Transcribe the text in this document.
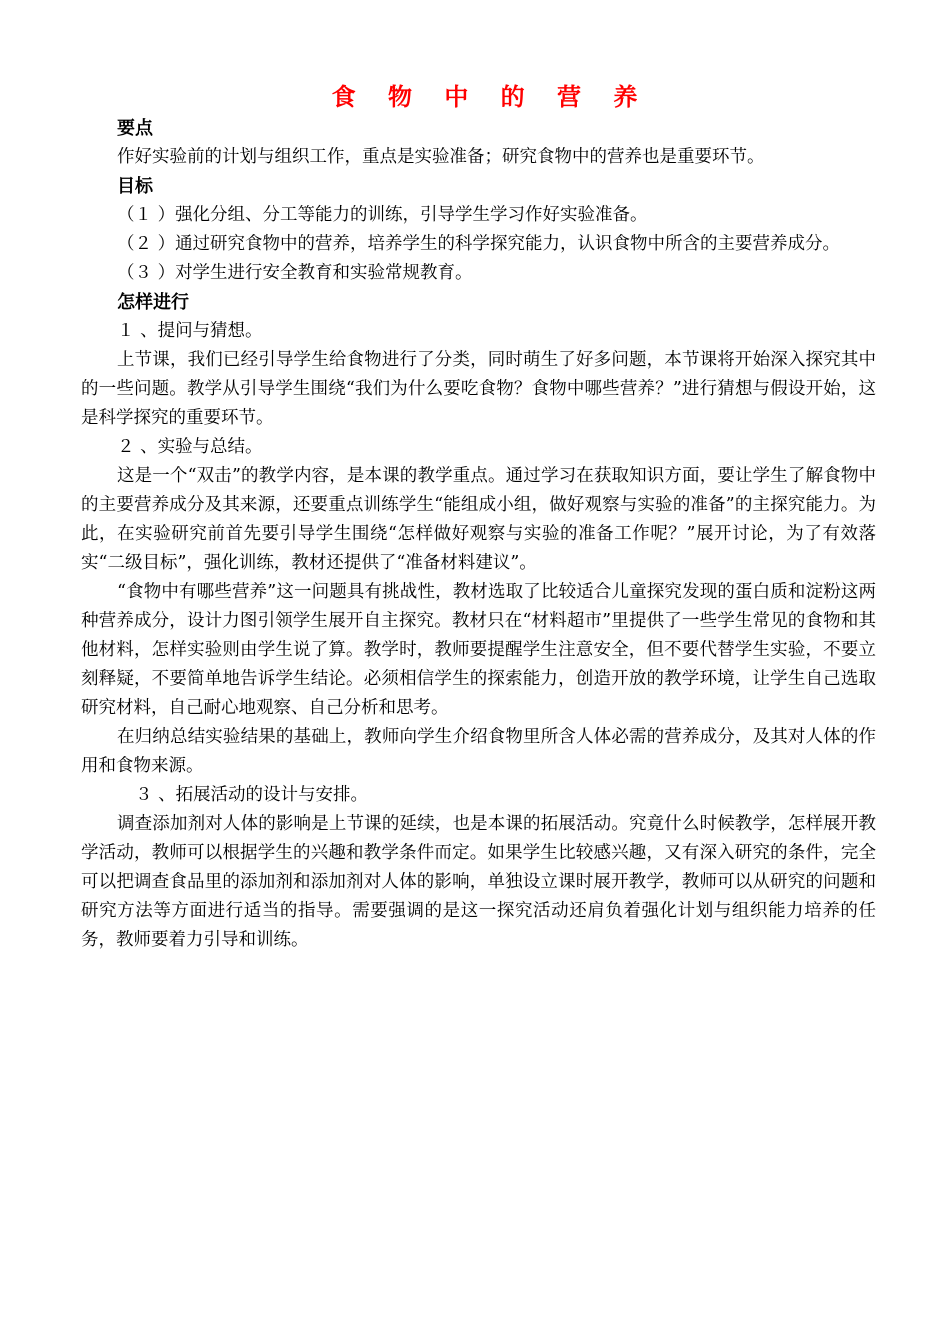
食 物 中 的 营 养
要点

作好实验前的计划与组织工作，重点是实验准备；研究食物中的营养也是重要环节。

目标

（１ ）强化分组、分工等能力的训练，引导学生学习作好实验准备。

（２ ）通过研究食物中的营养，培养学生的科学探究能力，认识食物中所含的主要营养成分。

（３ ）对学生进行安全教育和实验常规教育。

怎样进行

１ 、提问与猜想。

上节课，我们已经引导学生给食物进行了分类，同时萌生了好多问题，本节课将开始深入探究其中的一些问题。教学从引导学生围绕“我们为什么要吃食物？食物中哪些营养？”进行猜想与假设开始，这是科学探究的重要环节。

２ 、实验与总结。

这是一个“双击”的教学内容，是本课的教学重点。通过学习在获取知识方面，要让学生了解食物中的主要营养成分及其来源，还要重点训练学生“能组成小组，做好观察与实验的准备”的主探究能力。为此，在实验研究前首先要引导学生围绕“怎样做好观察与实验的准备工作呢？”展开讨论，为了有效落实“二级目标”，强化训练，教材还提供了“准备材料建议”。

“食物中有哪些营养”这一问题具有挑战性，教材选取了比较适合儿童探究发现的蛋白质和淀粉这两种营养成分，设计力图引领学生展开自主探究。教材只在“材料超市”里提供了一些学生常见的食物和其他材料，怎样实验则由学生说了算。教学时，教师要提醒学生注意安全，但不要代替学生实验，不要立刻释疑，不要简单地告诉学生结论。必须相信学生的探索能力，创造开放的教学环境，让学生自己选取研究材料，自己耐心地观察、自己分析和思考。

在归纳总结实验结果的基础上，教师向学生介绍食物里所含人体必需的营养成分，及其对人体的作用和食物来源。

３ 、拓展活动的设计与安排。

调查添加剂对人体的影响是上节课的延续，也是本课的拓展活动。究竟什么时候教学，怎样展开教学活动，教师可以根据学生的兴趣和教学条件而定。如果学生比较感兴趣，又有深入研究的条件，完全可以把调查食品里的添加剂和添加剂对人体的影响，单独设立课时展开教学，教师可以从研究的问题和研究方法等方面进行适当的指导。需要强调的是这一探究活动还肩负着强化计划与组织能力培养的任务，教师要着力引导和训练。
